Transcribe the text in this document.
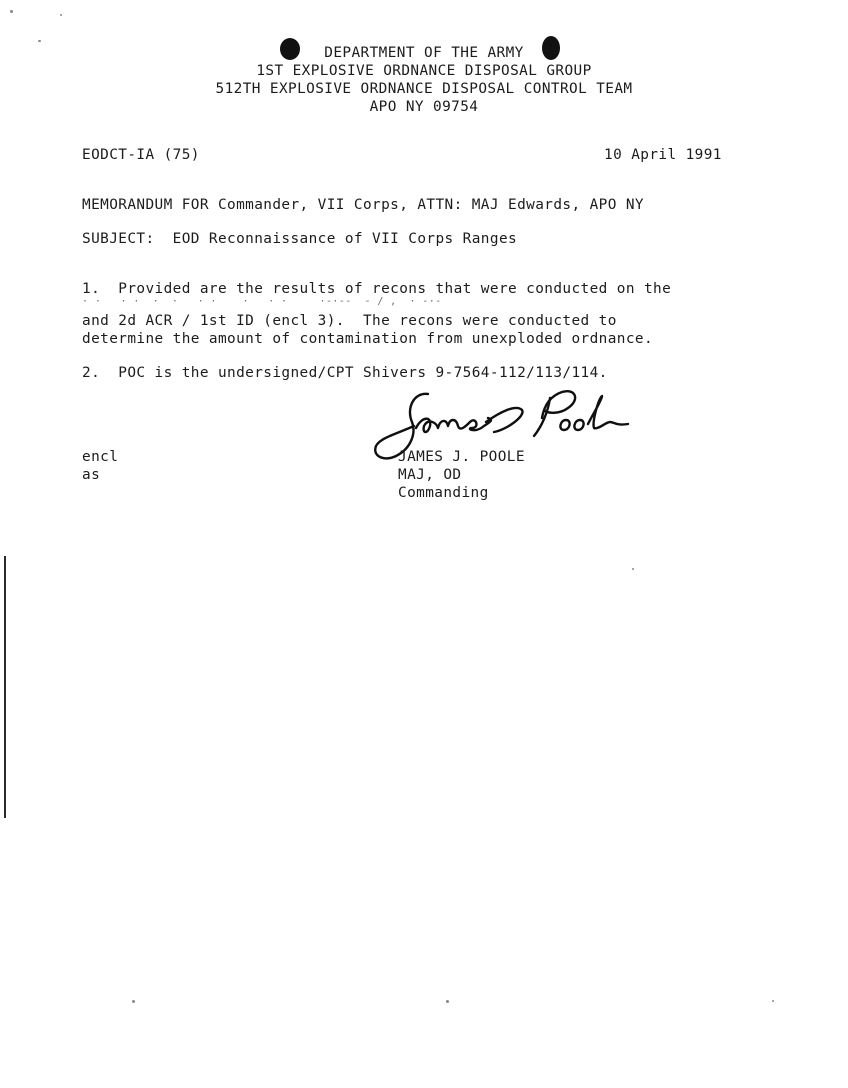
DEPARTMENT OF THE ARMY
1ST EXPLOSIVE ORDNANCE DISPOSAL GROUP
512TH EXPLOSIVE ORDNANCE DISPOSAL CONTROL TEAM
APO NY 09754
EODCT-IA (75)	10 April 1991
MEMORANDUM FOR Commander, VII Corps, ATTN: MAJ Edwards, APO NY
SUBJECT:  EOD Reconnaissance of VII Corps Ranges
1.  Provided are the results of recons that were conducted on the
· ·   · ·  ·  ·   · ·    ·   · ·     ·-·--  - / ,  · -·-
and 2d ACR / 1st ID (encl 3).  The recons were conducted to
determine the amount of contamination from unexploded ordnance.
2.  POC is the undersigned/CPT Shivers 9-7564-112/113/114.
encl
as
JAMES J. POOLE
MAJ, OD
Commanding
